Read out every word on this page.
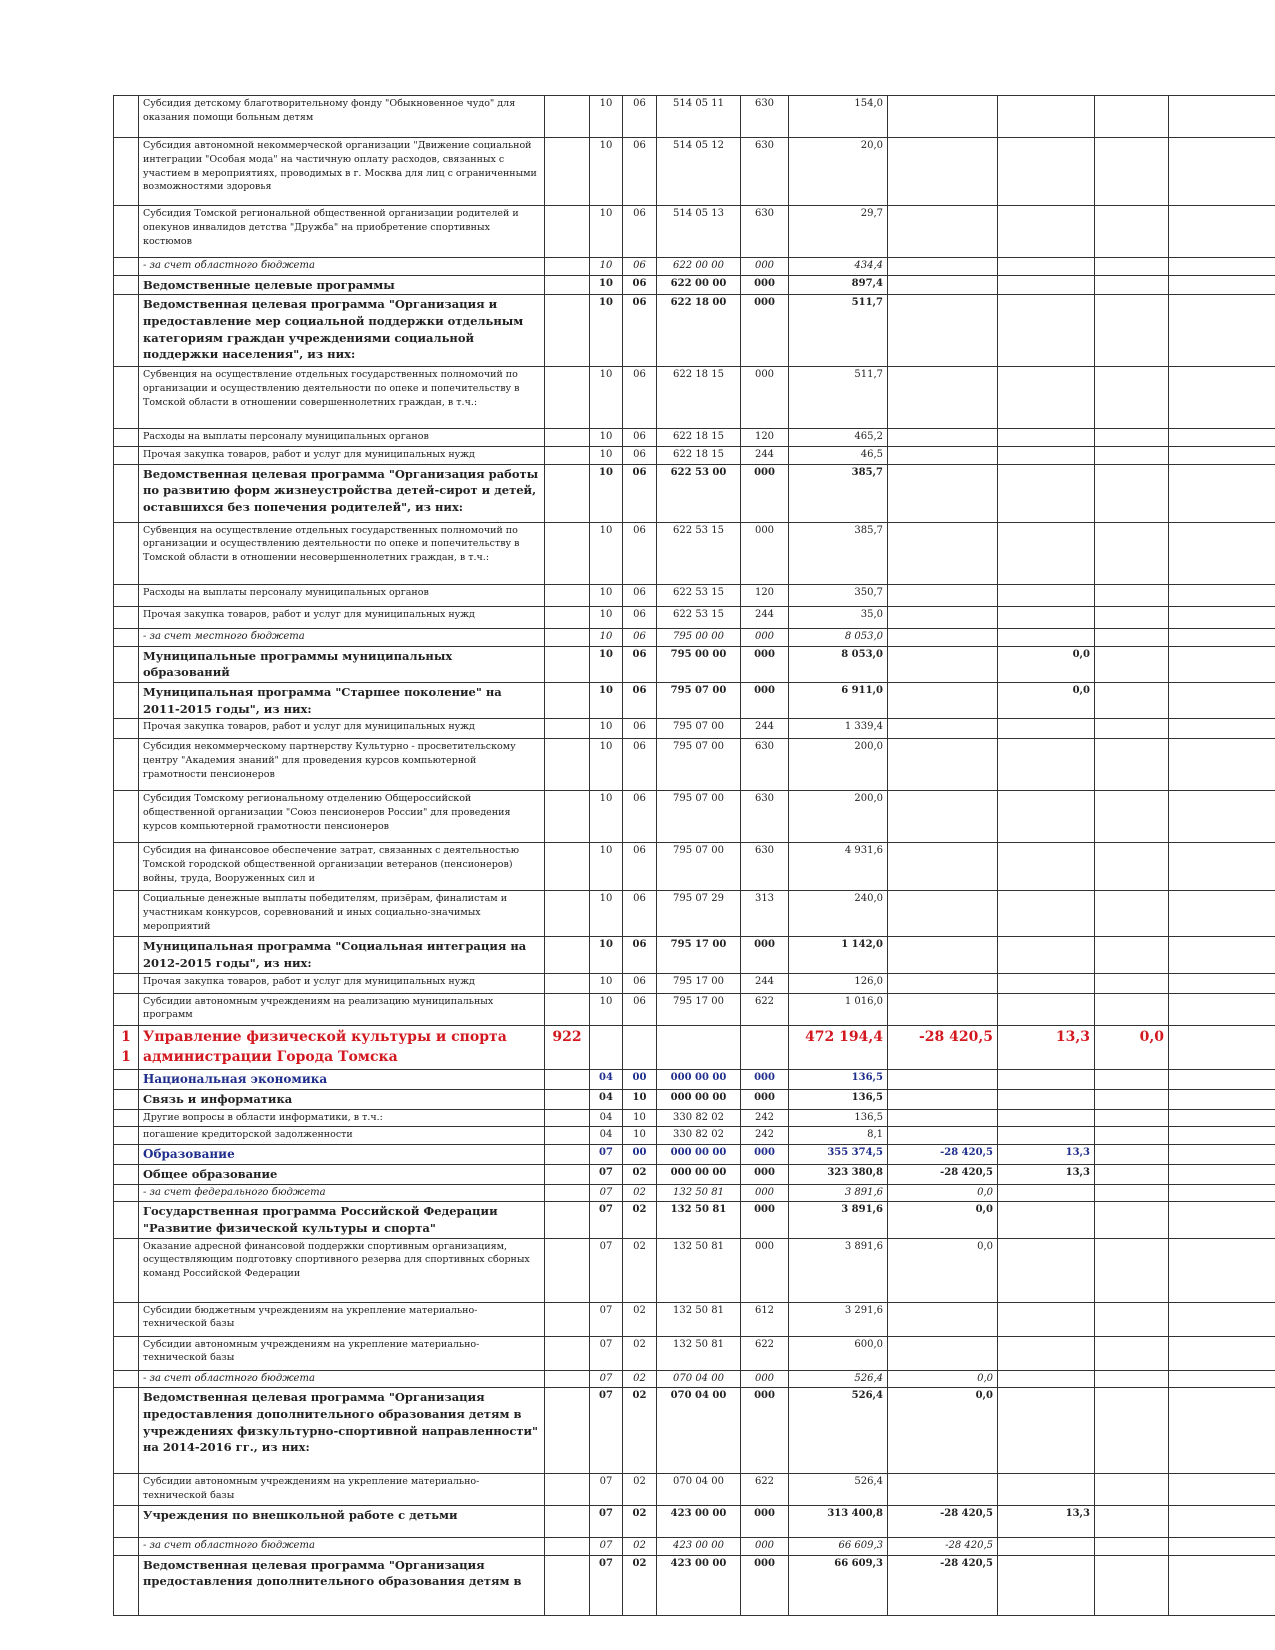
	Субсидия детскому благотворительному фонду "Обыкновенное чудо" для оказания помощи больным детям		10	06	514 05 11	630	154,0				
	Субсидия автономной некоммерческой организации "Движение социальной интеграции "Особая мода" на частичную оплату расходов, связанных с участием в мероприятиях, проводимых в г. Москва для лиц с ограниченными возможностями здоровья		10	06	514 05 12	630	20,0				
	Субсидия Томской региональной общественной организации родителей и опекунов инвалидов детства "Дружба" на приобретение спортивных костюмов		10	06	514 05 13	630	29,7				
	- за счет областного бюджета		10	06	622 00 00	000	434,4				
	Ведомственные целевые программы		10	06	622 00 00	000	897,4				
	Ведомственная целевая программа "Организация и предоставление мер социальной поддержки отдельным категориям граждан учреждениями социальной поддержки населения", из них:		10	06	622 18 00	000	511,7				
	Субвенция на осуществление отдельных государственных полномочий по организации и осуществлению деятельности по опеке и попечительству в Томской области в отношении совершеннолетних граждан, в т.ч.:		10	06	622 18 15	000	511,7				
	Расходы на выплаты персоналу муниципальных органов		10	06	622 18 15	120	465,2				
	Прочая закупка товаров, работ и услуг для муниципальных нужд		10	06	622 18 15	244	46,5				
	Ведомственная целевая программа "Организация работы по развитию форм жизнеустройства детей-сирот и детей, оставшихся без попечения родителей", из них:		10	06	622 53 00	000	385,7				
	Субвенция на осуществление отдельных государственных полномочий по организации и осуществлению деятельности по опеке и попечительству в Томской области в отношении несовершеннолетних граждан, в т.ч.:		10	06	622 53 15	000	385,7				
	Расходы на выплаты персоналу муниципальных органов		10	06	622 53 15	120	350,7				
	Прочая закупка товаров, работ и услуг для муниципальных нужд		10	06	622 53 15	244	35,0				
	- за счет местного бюджета		10	06	795 00 00	000	8 053,0				
	Муниципальные программы муниципальных образований		10	06	795 00 00	000	8 053,0		0,0		
	Муниципальная программа "Старшее поколение" на 2011-2015 годы", из них:		10	06	795 07 00	000	6 911,0		0,0		
	Прочая закупка товаров, работ и услуг для муниципальных нужд		10	06	795 07 00	244	1 339,4				
	Субсидия некоммерческому партнерству Культурно - просветительскому центру "Академия знаний" для проведения курсов компьютерной грамотности пенсионеров		10	06	795 07 00	630	200,0				
	Субсидия Томскому региональному отделению Общероссийской общественной организации "Союз пенсионеров России" для проведения курсов компьютерной грамотности пенсионеров		10	06	795 07 00	630	200,0				
	Субсидия на финансовое обеспечение затрат, связанных с деятельностью Томской городской общественной организации ветеранов (пенсионеров) войны, труда, Вооруженных сил и		10	06	795 07 00	630	4 931,6				
	Социальные денежные выплаты победителям, призёрам, финалистам и участникам конкурсов, соревнований и иных социально-значимых мероприятий		10	06	795 07 29	313	240,0				
	Муниципальная программа "Социальная интеграция на 2012-2015 годы", из них:		10	06	795 17 00	000	1 142,0				
	Прочая закупка товаров, работ и услуг для муниципальных нужд		10	06	795 17 00	244	126,0				
	Субсидии автономным учреждениям на реализацию муниципальных программ		10	06	795 17 00	622	1 016,0				
11	Управление физической культуры и спорта администрации Города Томска	922					472 194,4	-28 420,5	13,3	0,0	
	Национальная экономика		04	00	000 00 00	000	136,5				
	Связь и информатика		04	10	000 00 00	000	136,5				
	Другие вопросы в области информатики, в т.ч.:		04	10	330 82 02	242	136,5				
	погашение кредиторской задолженности		04	10	330 82 02	242	8,1				
	Образование		07	00	000 00 00	000	355 374,5	-28 420,5	13,3		
	Общее образование		07	02	000 00 00	000	323 380,8	-28 420,5	13,3		
	- за счет федерального бюджета		07	02	132 50 81	000	3 891,6	0,0			
	Государственная программа Российской Федерации "Развитие физической культуры и спорта"		07	02	132 50 81	000	3 891,6	0,0			
	Оказание адресной финансовой поддержки спортивным организациям, осуществляющим подготовку спортивного резерва для спортивных сборных команд Российской Федерации		07	02	132 50 81	000	3 891,6	0,0			
	Субсидии бюджетным учреждениям на укрепление материально-технической базы		07	02	132 50 81	612	3 291,6				
	Субсидии автономным учреждениям на укрепление материально-технической базы		07	02	132 50 81	622	600,0				
	- за счет областного бюджета		07	02	070 04 00	000	526,4	0,0			
	Ведомственная целевая программа "Организация предоставления дополнительного образования детям в учреждениях физкультурно-спортивной направленности" на 2014-2016 гг., из них:		07	02	070 04 00	000	526,4	0,0			
	Субсидии автономным учреждениям на укрепление материально-технической базы		07	02	070 04 00	622	526,4				
	Учреждения по внешкольной работе с детьми		07	02	423 00 00	000	313 400,8	-28 420,5	13,3		
	- за счет областного бюджета		07	02	423 00 00	000	66 609,3	-28 420,5			
	Ведомственная целевая программа "Организация предоставления дополнительного образования детям в		07	02	423 00 00	000	66 609,3	-28 420,5			
